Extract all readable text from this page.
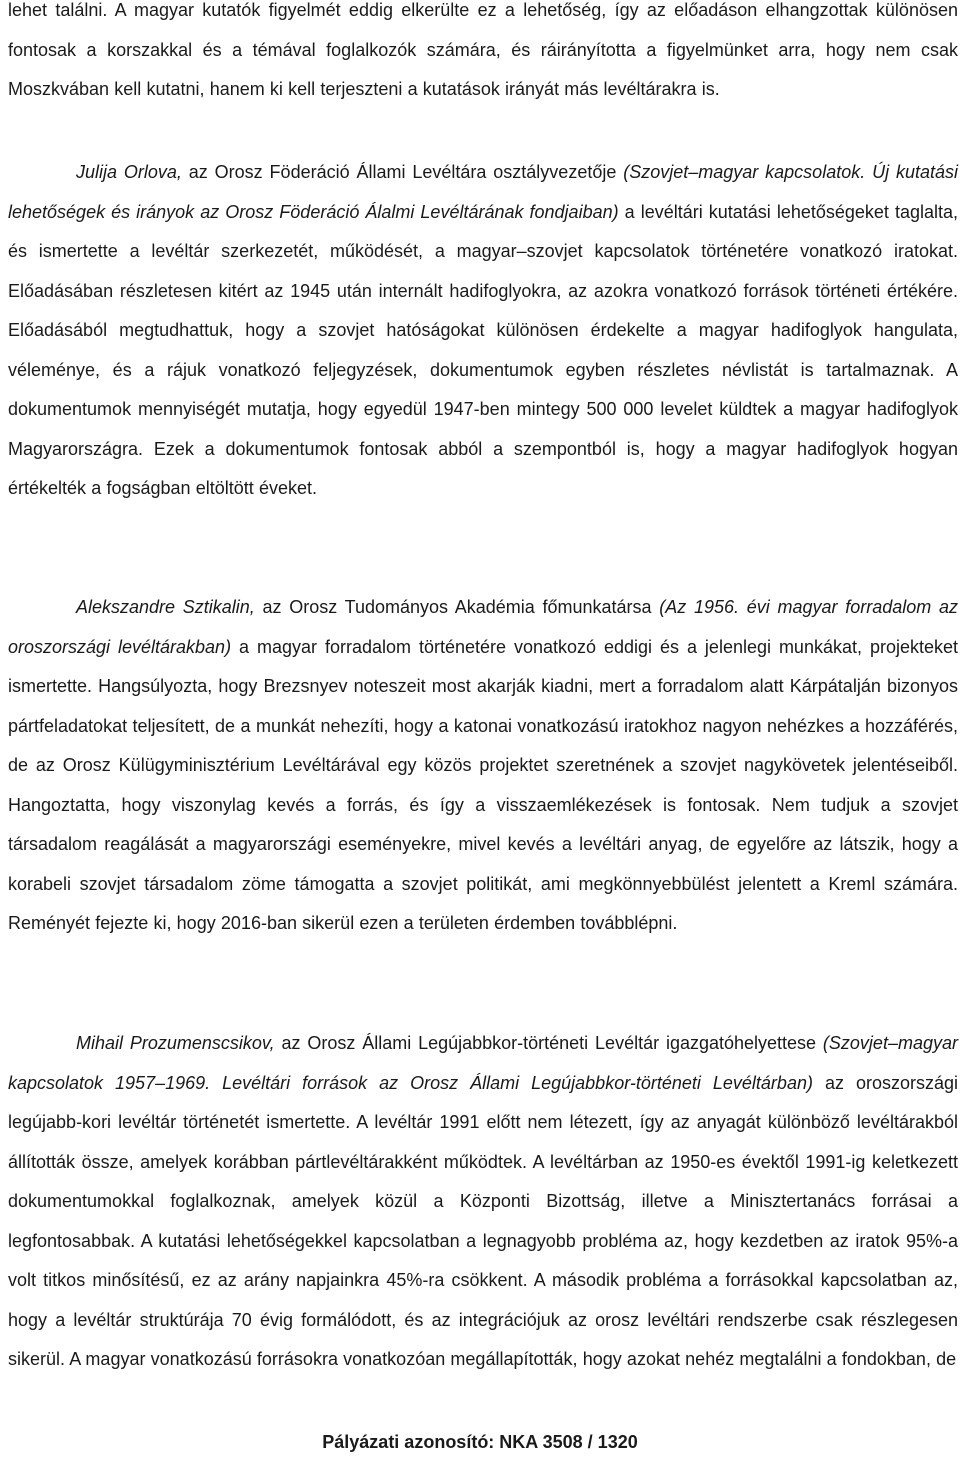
lehet találni. A magyar kutatók figyelmét eddig elkerülte ez a lehetőség, így az előadáson elhangzottak különösen fontosak a korszakkal és a témával foglalkozók számára, és ráirányította a figyelmünket arra, hogy nem csak Moszkvában kell kutatni, hanem ki kell terjeszteni a kutatások irányát más levéltárakra is.

Julija Orlova, az Orosz Föderáció Állami Levéltára osztályvezetője (Szovjet–magyar kapcsolatok. Új kutatási lehetőségek és irányok az Orosz Föderáció Álalmi Levéltárának fondjaiban) a levéltári kutatási lehetőségeket taglalta, és ismertette a levéltár szerkezetét, működését, a magyar–szovjet kapcsolatok történetére vonatkozó iratokat. Előadásában részletesen kitért az 1945 után internált hadifoglyokra, az azokra vonatkozó források történeti értékére. Előadásából megtudhattuk, hogy a szovjet hatóságokat különösen érdekelte a magyar hadifoglyok hangulata, véleménye, és a rájuk vonatkozó feljegyzések, dokumentumok egyben részletes névlistát is tartalmaznak. A dokumentumok mennyiségét mutatja, hogy egyedül 1947-ben mintegy 500 000 levelet küldtek a magyar hadifoglyok Magyarországra. Ezek a dokumentumok fontosak abból a szempontból is, hogy a magyar hadifoglyok hogyan értékelték a fogságban eltöltött éveket.

Alekszandre Sztikalin, az Orosz Tudományos Akadémia főmunkatársa (Az 1956. évi magyar forradalom az oroszországi levéltárakban) a magyar forradalom történetére vonatkozó eddigi és a jelenlegi munkákat, projekteket ismertette. Hangsúlyozta, hogy Brezsnyev noteszeit most akarják kiadni, mert a forradalom alatt Kárpátalján bizonyos pártfeladatokat teljesített, de a munkát nehezíti, hogy a katonai vonatkozású iratokhoz nagyon nehézkes a hozzáférés, de az Orosz Külügyminisztérium Levéltárával egy közös projektet szeretnének a szovjet nagykövetek jelentéseiből. Hangoztatta, hogy viszonylag kevés a forrás, és így a visszaemlékezések is fontosak. Nem tudjuk a szovjet társadalom reagálását a magyarországi eseményekre, mivel kevés a levéltári anyag, de egyelőre az látszik, hogy a korabeli szovjet társadalom zöme támogatta a szovjet politikát, ami megkönnyebbülést jelentett a Kreml számára. Reményét fejezte ki, hogy 2016-ban sikerül ezen a területen érdemben továbblépni.

Mihail Prozumenscsikov, az Orosz Állami Legújabbkor-történeti Levéltár igazgatóhelyettese (Szovjet–magyar kapcsolatok 1957–1969. Levéltári források az Orosz Állami Legújabbkor-történeti Levéltárban) az oroszországi legújabb-kori levéltár történetét ismertette. A levéltár 1991 előtt nem létezett, így az anyagát különböző levéltárakból állították össze, amelyek korábban pártlevéltárakként működtek. A levéltárban az 1950-es évektől 1991-ig keletkezett dokumentumokkal foglalkoznak, amelyek közül a Központi Bizottság, illetve a Minisztertanács forrásai a legfontosabbak. A kutatási lehetőségekkel kapcsolatban a legnagyobb probléma az, hogy kezdetben az iratok 95%-a volt titkos minősítésű, ez az arány napjainkra 45%-ra csökkent. A második probléma a forrásokkal kapcsolatban az, hogy a levéltár struktúrája 70 évig formálódott, és az integrációjuk az orosz levéltári rendszerbe csak részlegesen sikerül. A magyar vonatkozású forrásokra vonatkozóan megállapították, hogy azokat nehéz megtalálni a fondokban, de

Pályázati azonosító: NKA 3508 / 1320
